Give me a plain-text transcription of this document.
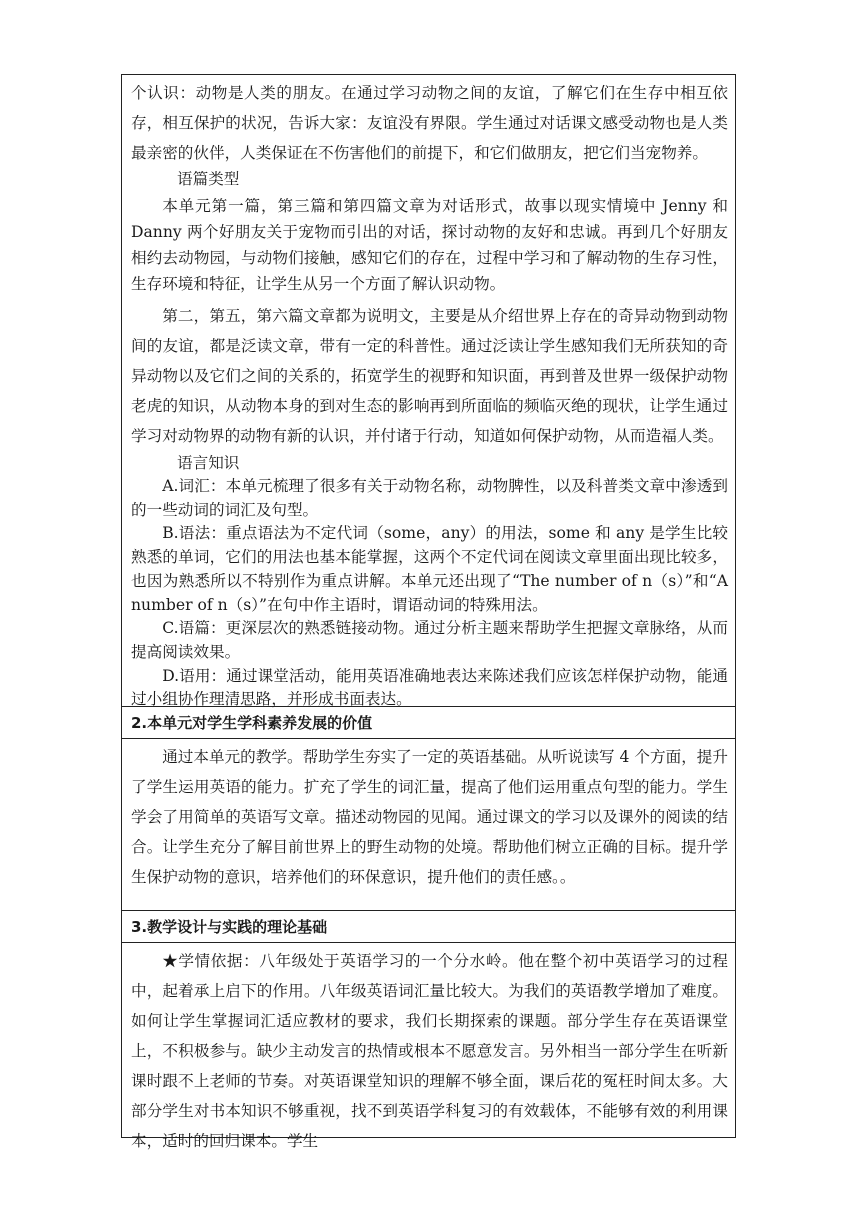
个认识：动物是人类的朋友。在通过学习动物之间的友谊，了解它们在生存中相互依存，相互保护的状况，告诉大家：友谊没有界限。学生通过对话课文感受动物也是人类最亲密的伙伴，人类保证在不伤害他们的前提下，和它们做朋友，把它们当宠物养。

语篇类型

本单元第一篇，第三篇和第四篇文章为对话形式，故事以现实情境中 Jenny 和 Danny 两个好朋友关于宠物而引出的对话，探讨动物的友好和忠诚。再到几个好朋友相约去动物园，与动物们接触，感知它们的存在，过程中学习和了解动物的生存习性，生存环境和特征，让学生从另一个方面了解认识动物。

第二，第五，第六篇文章都为说明文，主要是从介绍世界上存在的奇异动物到动物间的友谊，都是泛读文章，带有一定的科普性。通过泛读让学生感知我们无所获知的奇异动物以及它们之间的关系的，拓宽学生的视野和知识面，再到普及世界一级保护动物老虎的知识，从动物本身的到对生态的影响再到所面临的频临灭绝的现状，让学生通过学习对动物界的动物有新的认识，并付诸于行动，知道如何保护动物，从而造福人类。

语言知识

A.词汇：本单元梳理了很多有关于动物名称，动物脾性，以及科普类文章中渗透到的一些动词的词汇及句型。

B.语法：重点语法为不定代词（some，any）的用法，some 和 any 是学生比较熟悉的单词，它们的用法也基本能掌握，这两个不定代词在阅读文章里面出现比较多，也因为熟悉所以不特别作为重点讲解。本单元还出现了“The number of n（s）”和“A number of n（s）”在句中作主语时，谓语动词的特殊用法。

C.语篇：更深层次的熟悉链接动物。通过分析主题来帮助学生把握文章脉络，从而提高阅读效果。

D.语用：通过课堂活动，能用英语准确地表达来陈述我们应该怎样保护动物，能通过小组协作理清思路，并形成书面表达。

2.本单元对学生学科素养发展的价值

通过本单元的教学。帮助学生夯实了一定的英语基础。从听说读写 4 个方面，提升了学生运用英语的能力。扩充了学生的词汇量，提高了他们运用重点句型的能力。学生学会了用简单的英语写文章。描述动物园的见闻。通过课文的学习以及课外的阅读的结合。让学生充分了解目前世界上的野生动物的处境。帮助他们树立正确的目标。提升学生保护动物的意识，培养他们的环保意识，提升他们的责任感。。

3.教学设计与实践的理论基础

★学情依据：八年级处于英语学习的一个分水岭。他在整个初中英语学习的过程中，起着承上启下的作用。八年级英语词汇量比较大。为我们的英语教学增加了难度。如何让学生掌握词汇适应教材的要求，我们长期探索的课题。部分学生存在英语课堂上，不积极参与。缺少主动发言的热情或根本不愿意发言。另外相当一部分学生在听新课时跟不上老师的节奏。对英语课堂知识的理解不够全面，课后花的冤枉时间太多。大部分学生对书本知识不够重视，找不到英语学科复习的有效载体，不能够有效的利用课本，适时的回归课本。学生
